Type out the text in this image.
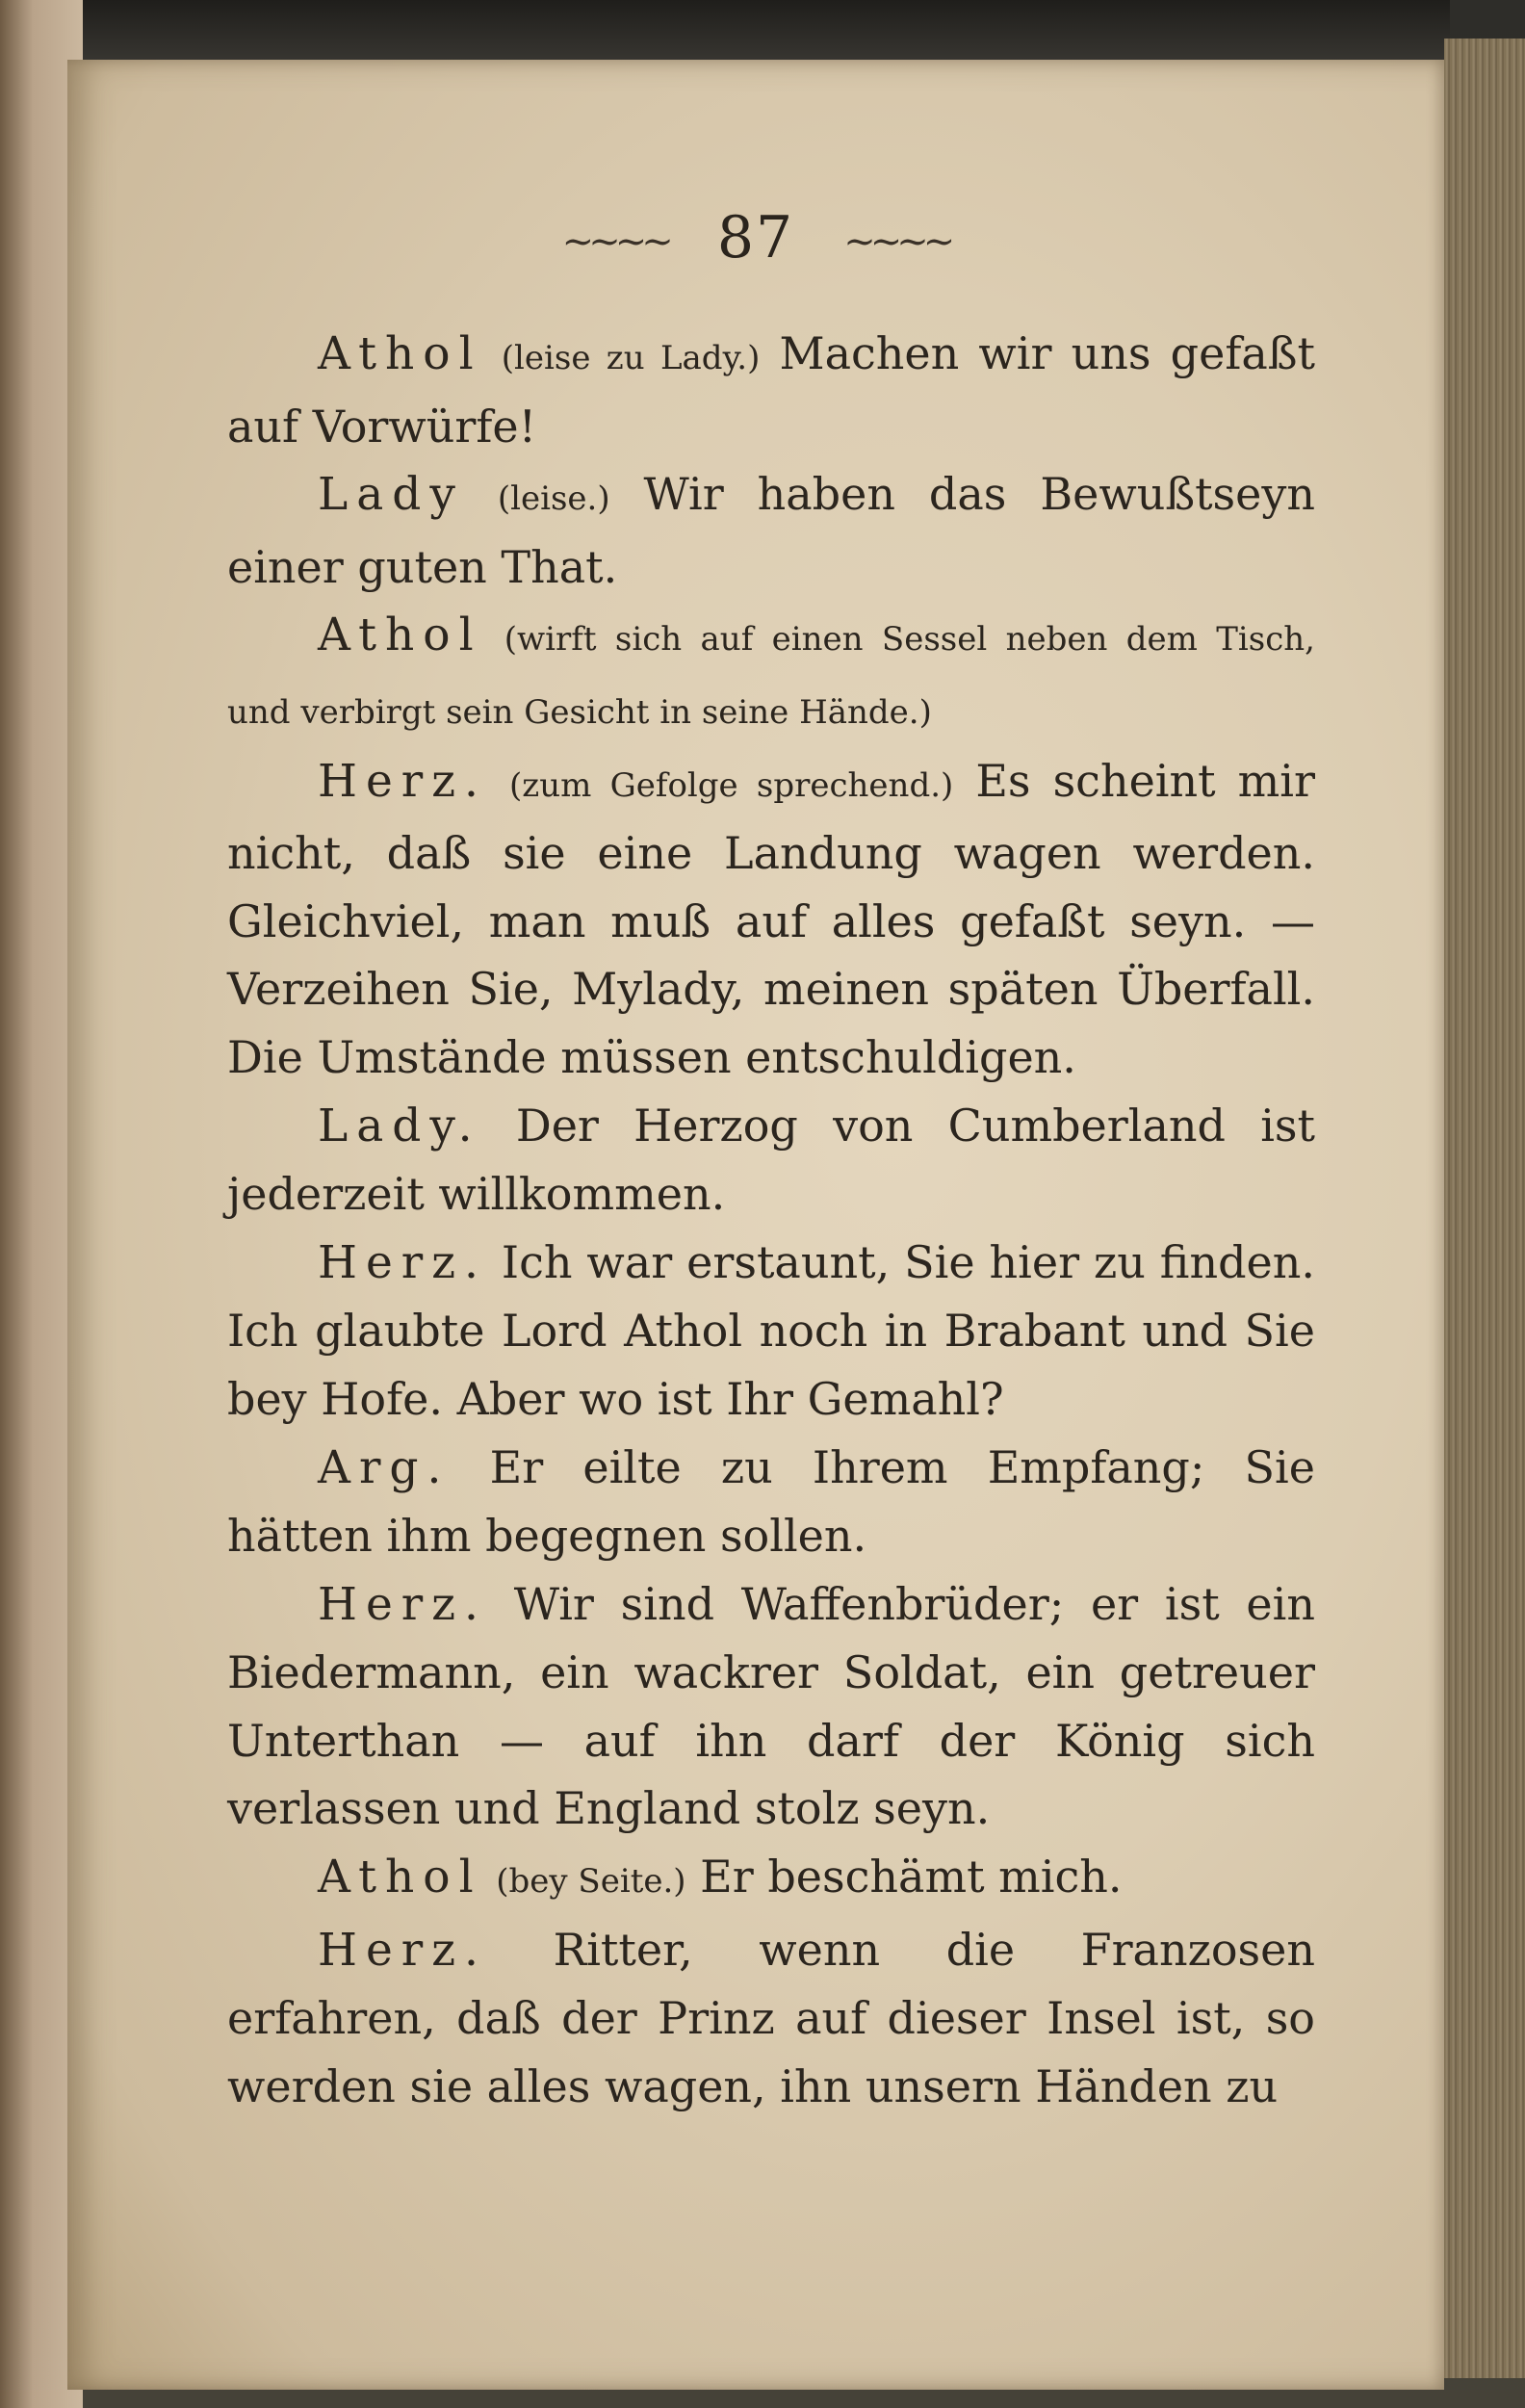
~~~~ 87 ~~~~

Athol (leise zu Lady.) Machen wir uns gefaßt auf Vorwürfe!

Lady (leise.) Wir haben das Bewußtseyn einer guten That.

Athol (wirft sich auf einen Sessel neben dem Tisch, und verbirgt sein Gesicht in seine Hände.)

Herz. (zum Gefolge sprechend.) Es scheint mir nicht, daß sie eine Landung wagen werden. Gleichviel, man muß auf alles gefaßt seyn. — Verzeihen Sie, Mylady, meinen späten Überfall. Die Umstände müssen entschuldigen.

Lady. Der Herzog von Cumberland ist jederzeit willkommen.

Herz. Ich war erstaunt, Sie hier zu finden. Ich glaubte Lord Athol noch in Brabant und Sie bey Hofe. Aber wo ist Ihr Gemahl?

Arg. Er eilte zu Ihrem Empfang; Sie hätten ihm begegnen sollen.

Herz. Wir sind Waffenbrüder; er ist ein Biedermann, ein wackrer Soldat, ein getreuer Unterthan — auf ihn darf der König sich verlassen und England stolz seyn.

Athol (bey Seite.) Er beschämt mich.

Herz. Ritter, wenn die Franzosen erfahren, daß der Prinz auf dieser Insel ist, so werden sie alles wagen, ihn unsern Händen zu
